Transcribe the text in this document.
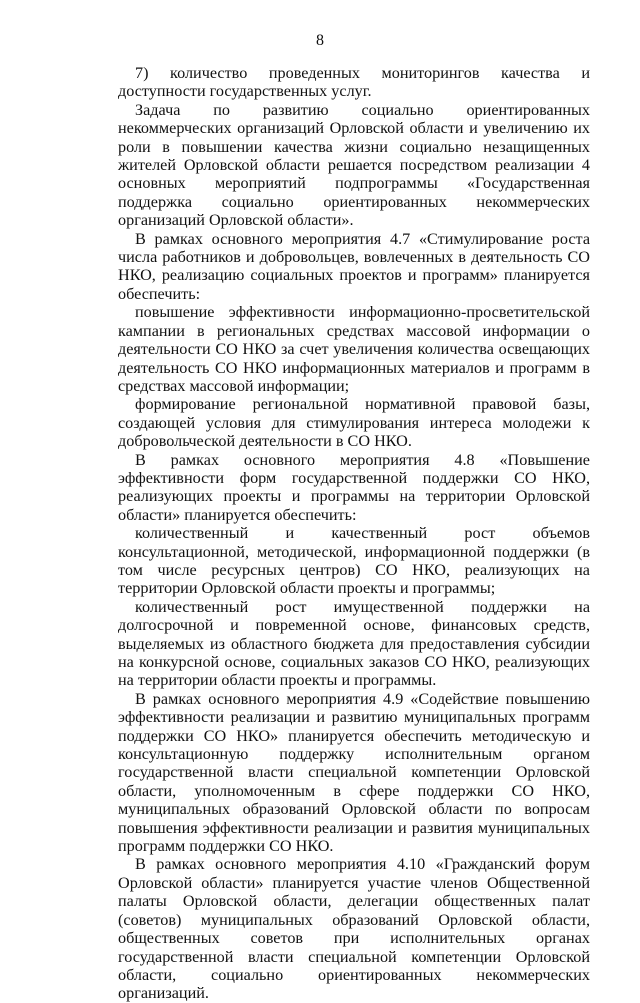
8

7) количество проведенных мониторингов качества и доступности государственных услуг.

Задача по развитию социально ориентированных некоммерческих организаций Орловской области и увеличению их роли в повышении качества жизни социально незащищенных жителей Орловской области решается посредством реализации 4 основных мероприятий подпрограммы «Государственная поддержка социально ориентированных некоммерческих организаций Орловской области».

В рамках основного мероприятия 4.7 «Стимулирование роста числа работников и добровольцев, вовлеченных в деятельность СО НКО, реализацию социальных проектов и программ» планируется обеспечить:

повышение эффективности информационно-просветительской кампании в региональных средствах массовой информации о деятельности СО НКО за счет увеличения количества освещающих деятельность СО НКО информационных материалов и программ в средствах массовой информации;

формирование региональной нормативной правовой базы, создающей условия для стимулирования интереса молодежи к добровольческой деятельности в СО НКО.

В рамках основного мероприятия 4.8 «Повышение эффективности форм государственной поддержки СО НКО, реализующих проекты и программы на территории Орловской области» планируется обеспечить:

количественный и качественный рост объемов консультационной, методической, информационной поддержки (в том числе ресурсных центров) СО НКО, реализующих на территории Орловской области проекты и программы;

количественный рост имущественной поддержки на долгосрочной и повременной основе, финансовых средств, выделяемых из областного бюджета для предоставления субсидии на конкурсной основе, социальных заказов СО НКО, реализующих на территории области проекты и программы.

В рамках основного мероприятия 4.9 «Содействие повышению эффективности реализации и развитию муниципальных программ поддержки СО НКО» планируется обеспечить методическую и консультационную поддержку исполнительным органом государственной власти специальной компетенции Орловской области, уполномоченным в сфере поддержки СО НКО, муниципальных образований Орловской области по вопросам повышения эффективности реализации и развития муниципальных программ поддержки СО НКО.

В рамках основного мероприятия 4.10 «Гражданский форум Орловской области» планируется участие членов Общественной палаты Орловской области, делегации общественных палат (советов) муниципальных образований Орловской области, общественных советов при исполнительных органах государственной власти специальной компетенции Орловской области, социально ориентированных некоммерческих организаций.
